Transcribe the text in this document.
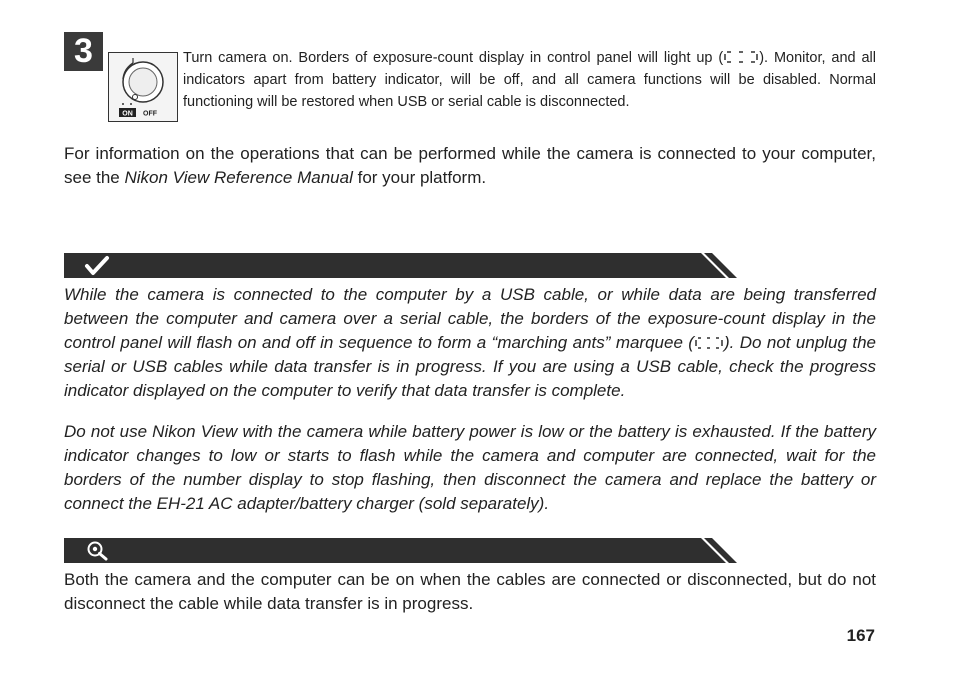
3
ON OFF
Turn camera on. Borders of exposure-count display in control panel will light up ( ). Monitor, and all indicators apart from battery indicator, will be off, and all camera functions will be disabled. Normal functioning will be restored when USB or serial cable is disconnected.
For information on the operations that can be performed while the camera is connected to your computer, see the Nikon View Reference Manual for your platform.
While the camera is connected to the computer by a USB cable, or while data are being transferred between the computer and camera over a serial cable, the borders of the exposure-count display in the control panel will flash on and off in sequence to form a “marching ants” marquee ( ). Do not unplug the serial or USB cables while data transfer is in progress. If you are using a USB cable, check the progress indicator displayed on the computer to verify that data transfer is complete.
Do not use Nikon View with the camera while battery power is low or the battery is exhausted. If the battery indicator changes to low or starts to flash while the camera and computer are connected, wait for the borders of the number display to stop flashing, then disconnect the camera and replace the battery or connect the EH-21 AC adapter/battery charger (sold separately).
Both the camera and the computer can be on when the cables are connected or disconnected, but do not disconnect the cable while data transfer is in progress.
167
